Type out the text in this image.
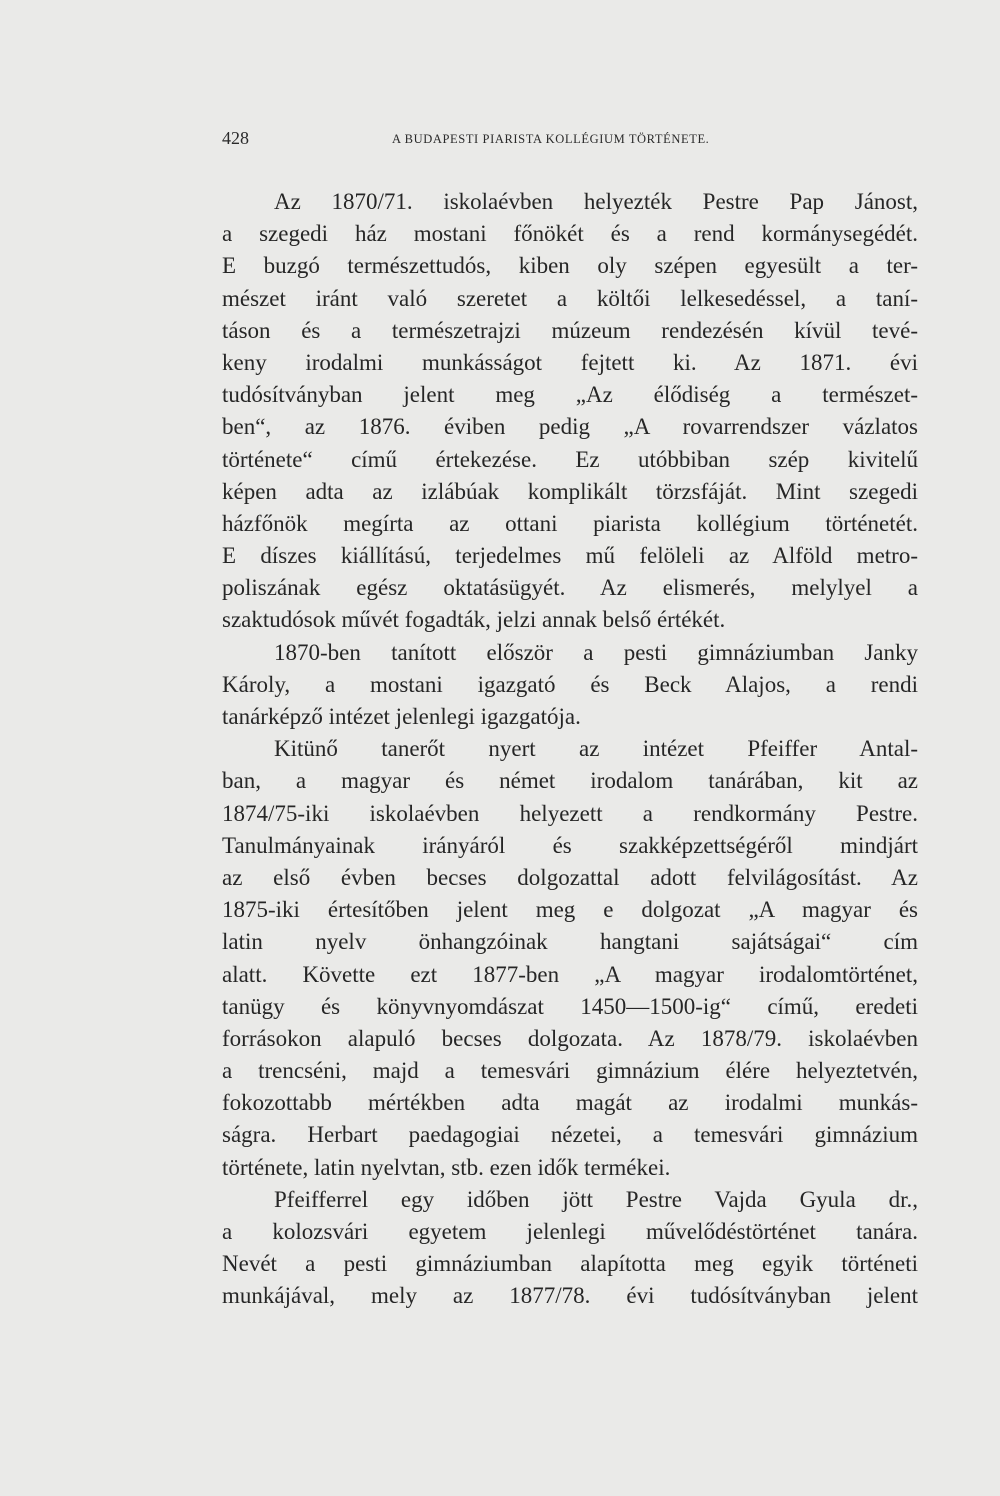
428	A BUDAPESTI PIARISTA KOLLÉGIUM TÖRTÉNETE.
Az 1870/71. iskolaévben helyezték Pestre Pap Jánost,
a szegedi ház mostani főnökét és a rend kormánysegédét.
E buzgó természettudós, kiben oly szépen egyesült a ter-
mészet iránt való szeretet a költői lelkesedéssel, a taní-
táson és a természetrajzi múzeum rendezésén kívül tevé-
keny irodalmi munkásságot fejtett ki. Az 1871. évi
tudósítványban jelent meg „Az élődiség a természet-
ben“, az 1876. éviben pedig „A rovarrendszer vázlatos
története“ című értekezése. Ez utóbbiban szép kivitelű
képen adta az izlábúak komplikált törzsfáját. Mint szegedi
házfőnök megírta az ottani piarista kollégium történetét.
E díszes kiállítású, terjedelmes mű felöleli az Alföld metro-
poliszának egész oktatásügyét. Az elismerés, melylyel a
szaktudósok művét fogadták, jelzi annak belső értékét.
1870-ben tanított először a pesti gimnáziumban Janky
Károly, a mostani igazgató és Beck Alajos, a rendi
tanárképző intézet jelenlegi igazgatója.
Kitünő tanerőt nyert az intézet Pfeiffer Antal-
ban, a magyar és német irodalom tanárában, kit az
1874/75-iki iskolaévben helyezett a rendkormány Pestre.
Tanulmányainak irányáról és szakképzettségéről mindjárt
az első évben becses dolgozattal adott felvilágosítást. Az
1875-iki értesítőben jelent meg e dolgozat „A magyar és
latin nyelv önhangzóinak hangtani sajátságai“ cím
alatt. Követte ezt 1877-ben „A magyar irodalomtörténet,
tanügy és könyvnyomdászat 1450—1500-ig“ című, eredeti
forrásokon alapuló becses dolgozata. Az 1878/79. iskolaévben
a trencséni, majd a temesvári gimnázium élére helyeztetvén,
fokozottabb mértékben adta magát az irodalmi munkás-
ságra. Herbart paedagogiai nézetei, a temesvári gimnázium
története, latin nyelvtan, stb. ezen idők termékei.
Pfeifferrel egy időben jött Pestre Vajda Gyula dr.,
a kolozsvári egyetem jelenlegi művelődéstörténet tanára.
Nevét a pesti gimnáziumban alapította meg egyik történeti
munkájával, mely az 1877/78. évi tudósítványban jelent
